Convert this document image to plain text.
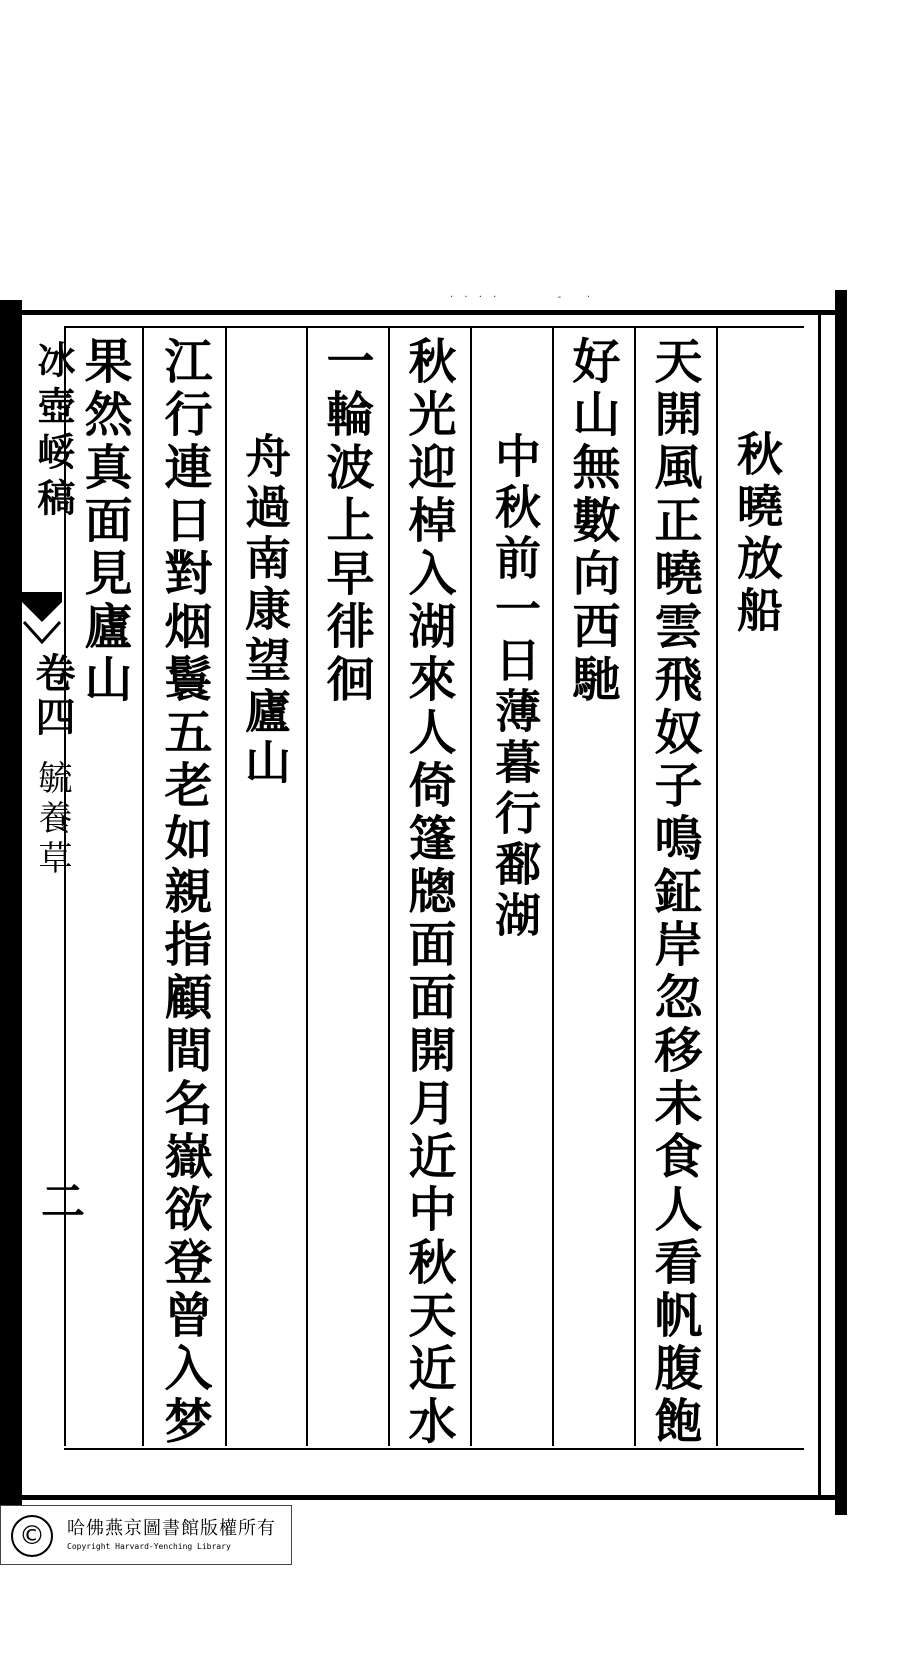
· · · ·        -   ·
秋曉放船
天開風正曉雲飛奴子鳴鉦岸忽移未食人看帆腹飽
好山無數向西馳
中秋前一日薄暮行鄱湖
秋光迎棹入湖來人倚篷牕面面開月近中秋天近水
一輪波上早徘徊
舟過南康望廬山
江行連日對烟鬟五老如親指顧間名嶽欲登曾入梦
果然真面見廬山
冰壺㟎稿
卷四
毓養草
二
©	哈佛燕京圖書館版權所有
Copyright Harvard-Yenching Library
